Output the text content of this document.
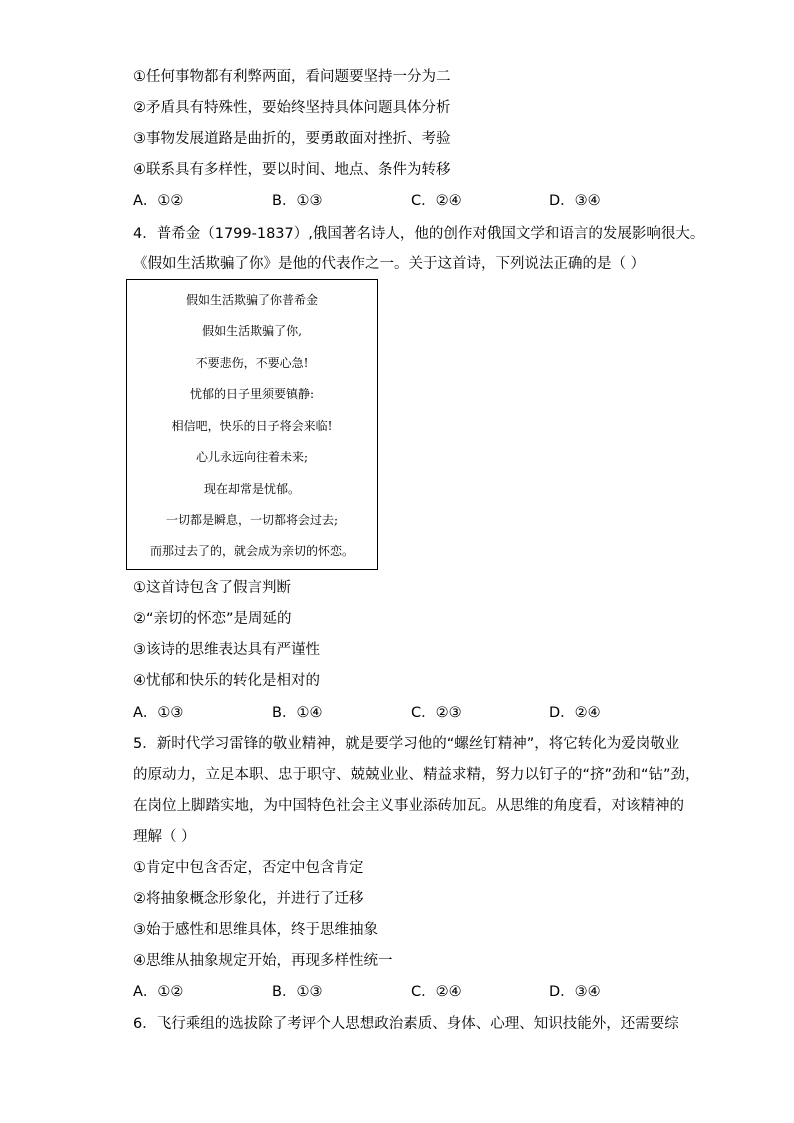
①任何事物都有利弊两面，看问题要坚持一分为二
②矛盾具有特殊性，要始终坚持具体问题具体分析
③事物发展道路是曲折的，要勇敢面对挫折、考验
④联系具有多样性，要以时间、地点、条件为转移
A．①②	B．①③	C．②④	D．③④
4．普希金（1799-1837）,俄国著名诗人，他的创作对俄国文学和语言的发展影响很大。
《假如生活欺骗了你》是他的代表作之一。关于这首诗，下列说法正确的是（ ）
假如生活欺骗了你普希金
假如生活欺骗了你,
不要悲伤，不要心急!
忧郁的日子里须要镇静:
相信吧，快乐的日子将会来临!
心儿永远向往着未来;
现在却常是忧郁。
一切都是瞬息，一切都将会过去;
而那过去了的，就会成为亲切的怀恋。
①这首诗包含了假言判断
②“亲切的怀恋”是周延的
③该诗的思维表达具有严谨性
④忧郁和快乐的转化是相对的
A．①③	B．①④	C．②③	D．②④
5．新时代学习雷锋的敬业精神，就是要学习他的“螺丝钉精神”，将它转化为爱岗敬业
的原动力，立足本职、忠于职守、兢兢业业、精益求精，努力以钉子的“挤”劲和“钻”劲，
在岗位上脚踏实地，为中国特色社会主义事业添砖加瓦。从思维的角度看，对该精神的
理解（ ）
①肯定中包含否定，否定中包含肯定
②将抽象概念形象化，并进行了迁移
③始于感性和思维具体，终于思维抽象
④思维从抽象规定开始，再现多样性统一
A．①②	B．①③	C．②④	D．③④
6．飞行乘组的选拔除了考评个人思想政治素质、身体、心理、知识技能外，还需要综
